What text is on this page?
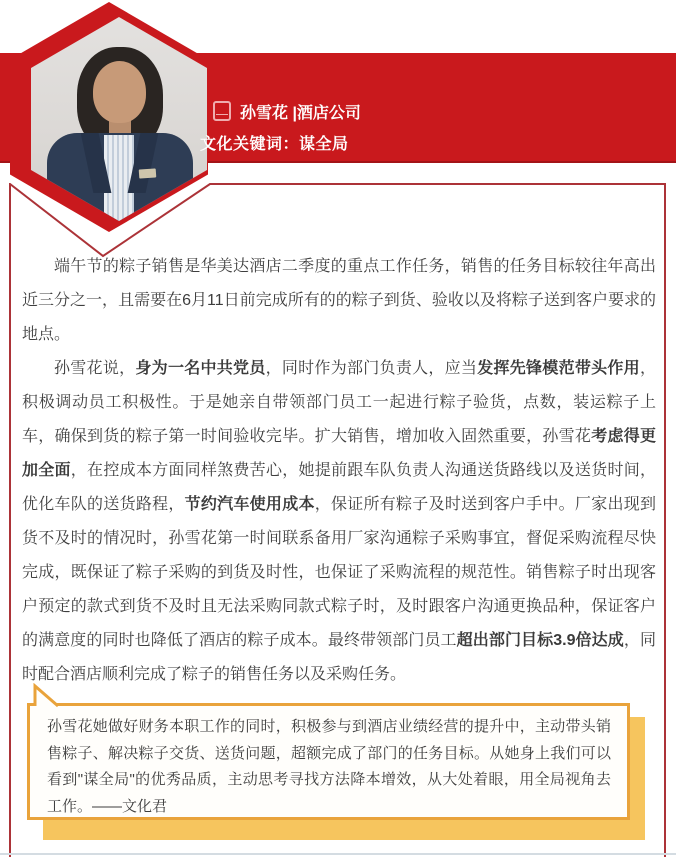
孙雪花 |酒店公司
文化关键词：谋全局

端午节的粽子销售是华美达酒店二季度的重点工作任务，销售的任务目标较往年高出近三分之一，且需要在6月11日前完成所有的的粽子到货、验收以及将粽子送到客户要求的地点。

孙雪花说，身为一名中共党员，同时作为部门负责人，应当发挥先锋模范带头作用，积极调动员工积极性。于是她亲自带领部门员工一起进行粽子验货，点数，装运粽子上车，确保到货的粽子第一时间验收完毕。扩大销售，增加收入固然重要，孙雪花考虑得更加全面，在控成本方面同样煞费苦心，她提前跟车队负责人沟通送货路线以及送货时间，优化车队的送货路程，节约汽车使用成本，保证所有粽子及时送到客户手中。厂家出现到货不及时的情况时，孙雪花第一时间联系备用厂家沟通粽子采购事宜，督促采购流程尽快完成，既保证了粽子采购的到货及时性，也保证了采购流程的规范性。销售粽子时出现客户预定的款式到货不及时且无法采购同款式粽子时，及时跟客户沟通更换品种，保证客户的满意度的同时也降低了酒店的粽子成本。最终带领部门员工超出部门目标3.9倍达成，同时配合酒店顺利完成了粽子的销售任务以及采购任务。

孙雪花她做好财务本职工作的同时，积极参与到酒店业绩经营的提升中，主动带头销售粽子、解决粽子交货、送货问题，超额完成了部门的任务目标。从她身上我们可以看到"谋全局"的优秀品质，主动思考寻找方法降本增效，从大处着眼，用全局视角去工作。——文化君
